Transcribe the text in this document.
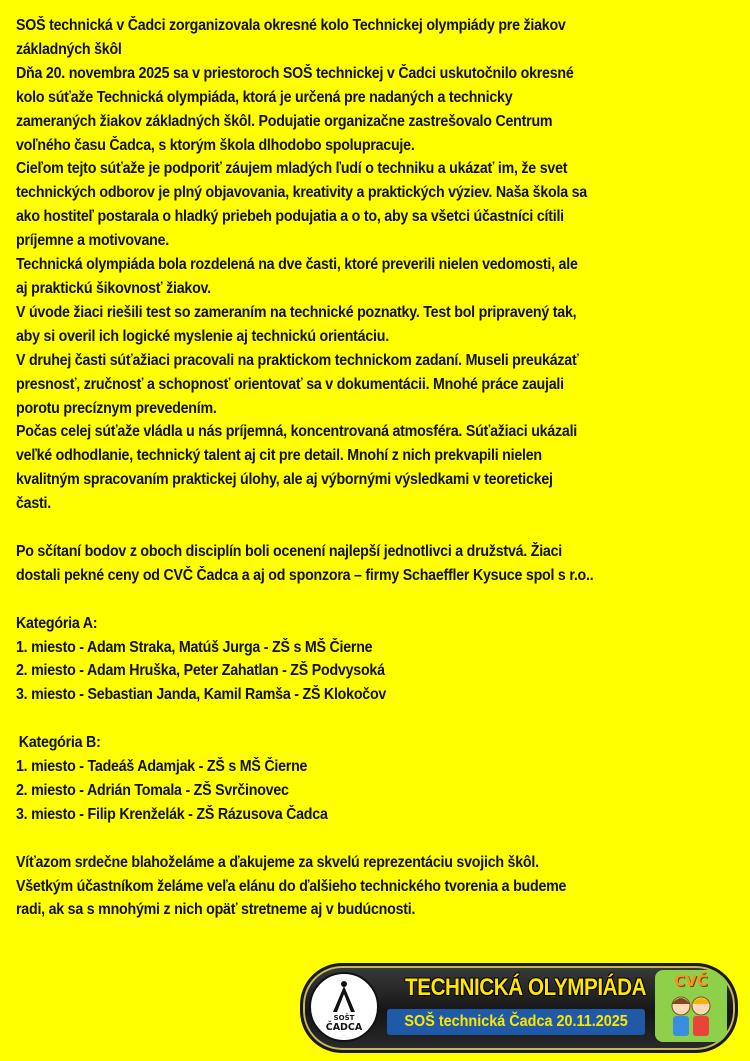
SOŠ technická v Čadci zorganizovala okresné kolo Technickej olympiády pre žiakov
základných škôl
Dňa 20. novembra 2025 sa v priestoroch SOŠ technickej v Čadci uskutočnilo okresné
kolo súťaže Technická olympiáda, ktorá je určená pre nadaných a technicky
zameraných žiakov základných škôl. Podujatie organizačne zastrešovalo Centrum
voľného času Čadca, s ktorým škola dlhodobo spolupracuje.
Cieľom tejto súťaže je podporiť záujem mladých ľudí o techniku a ukázať im, že svet
technických odborov je plný objavovania, kreativity a praktických výziev. Naša škola sa
ako hostiteľ postarala o hladký priebeh podujatia a o to, aby sa všetci účastníci cítili
príjemne a motivovane.
Technická olympiáda bola rozdelená na dve časti, ktoré preverili nielen vedomosti, ale
aj praktickú šikovnosť žiakov.
V úvode žiaci riešili test so zameraním na technické poznatky. Test bol pripravený tak,
aby si overil ich logické myslenie aj technickú orientáciu.
V druhej časti súťažiaci pracovali na praktickom technickom zadaní. Museli preukázať
presnosť, zručnosť a schopnosť orientovať sa v dokumentácii. Mnohé práce zaujali
porotu precíznym prevedením.
Počas celej súťaže vládla u nás príjemná, koncentrovaná atmosféra. Súťažiaci ukázali
veľké odhodlanie, technický talent aj cit pre detail. Mnohí z nich prekvapili nielen
kvalitným spracovaním praktickej úlohy, ale aj výbornými výsledkami v teoretickej
časti.
Po sčítaní bodov z oboch disciplín boli ocenení najlepší jednotlivci a družstvá. Žiaci
dostali pekné ceny od CVČ Čadca a aj od sponzora – firmy Schaeffler Kysuce spol s r.o..
Kategória A:
1. miesto - Adam Straka, Matúš Jurga - ZŠ s MŠ Čierne
2. miesto - Adam Hruška, Peter Zahatlan - ZŠ Podvysoká
3. miesto - Sebastian Janda, Kamil Ramša - ZŠ Klokočov
Kategória B:
1. miesto - Tadeáš Adamjak - ZŠ s MŠ Čierne
2. miesto - Adrián Tomala - ZŠ Svrčinovec
3. miesto - Filip Krenželák - ZŠ Rázusova Čadca
Víťazom srdečne blahoželáme a ďakujeme za skvelú reprezentáciu svojich škôl.
Všetkým účastníkom želáme veľa elánu do ďalšieho technického tvorenia a budeme
radi, ak sa s mnohými z nich opäť stretneme aj v budúcnosti.
SOŠT
ČADCA
TECHNICKÁ OLYMPIÁDA
SOŠ technická Čadca 20.11.2025
CVČ
